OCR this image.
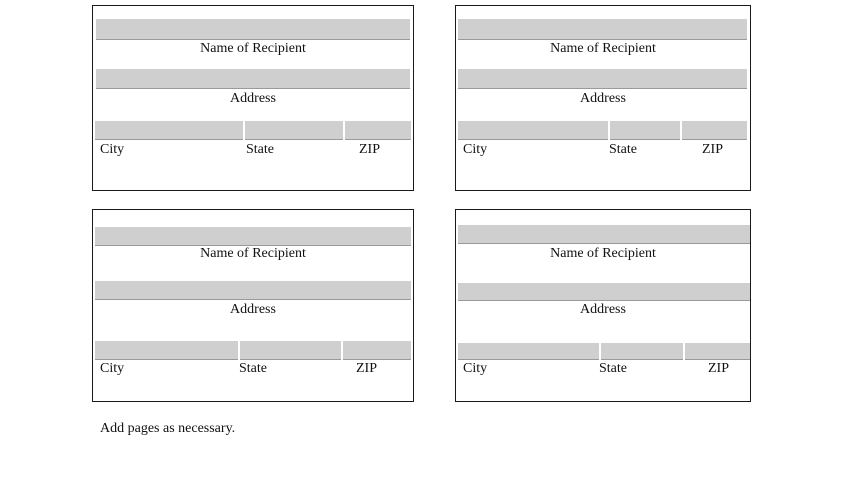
Name of Recipient
Address
City	State	ZIP
Name of Recipient
Address
City	State	ZIP
Name of Recipient
Address
City	State	ZIP
Name of Recipient
Address
City	State	ZIP
Add pages as necessary.
